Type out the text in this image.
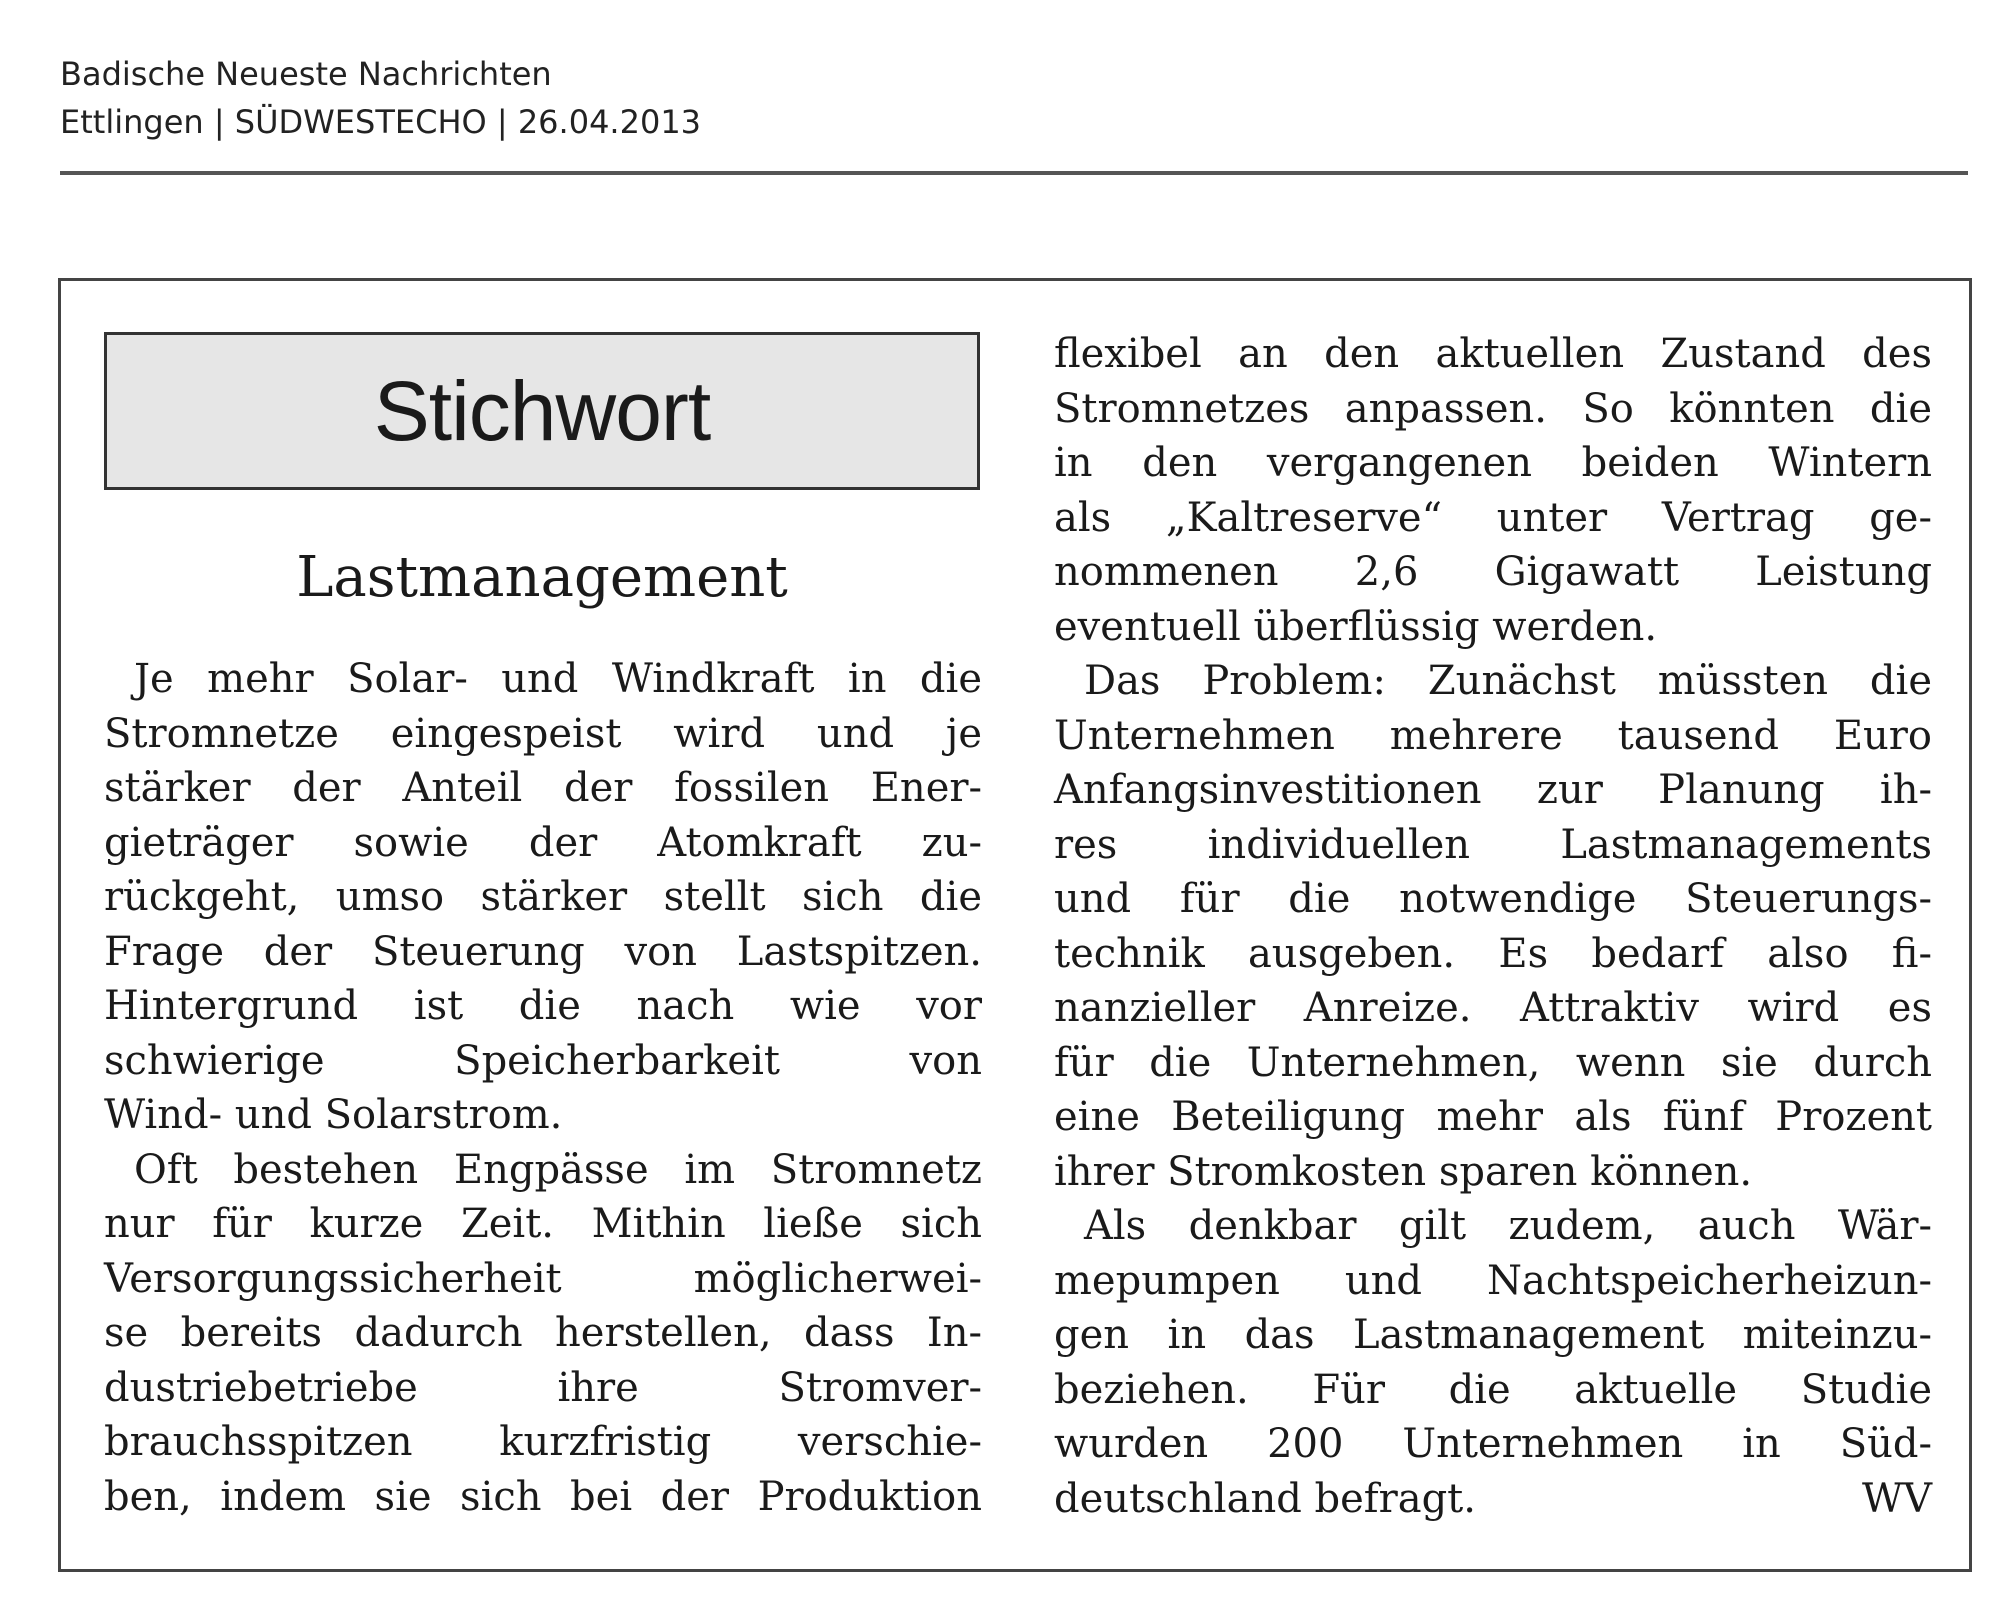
Badische Neueste Nachrichten
Ettlingen | SÜDWESTECHO | 26.04.2013
Stichwort
Lastmanagement
Je mehr Solar- und Windkraft in die
Stromnetze eingespeist wird und je
stärker der Anteil der fossilen Ener-
gieträger sowie der Atomkraft zu-
rückgeht, umso stärker stellt sich die
Frage der Steuerung von Lastspitzen.
Hintergrund ist die nach wie vor
schwierige Speicherbarkeit von
Wind- und Solarstrom.
Oft bestehen Engpässe im Stromnetz
nur für kurze Zeit. Mithin ließe sich
Versorgungssicherheit möglicherwei-
se bereits dadurch herstellen, dass In-
dustriebetriebe ihre Stromver-
brauchsspitzen kurzfristig verschie-
ben, indem sie sich bei der Produktion
flexibel an den aktuellen Zustand des
Stromnetzes anpassen. So könnten die
in den vergangenen beiden Wintern
als „Kaltreserve“ unter Vertrag ge-
nommenen 2,6 Gigawatt Leistung
eventuell überflüssig werden.
Das Problem: Zunächst müssten die
Unternehmen mehrere tausend Euro
Anfangsinvestitionen zur Planung ih-
res individuellen Lastmanagements
und für die notwendige Steuerungs-
technik ausgeben. Es bedarf also fi-
nanzieller Anreize. Attraktiv wird es
für die Unternehmen, wenn sie durch
eine Beteiligung mehr als fünf Prozent
ihrer Stromkosten sparen können.
Als denkbar gilt zudem, auch Wär-
mepumpen und Nachtspeicherheizun-
gen in das Lastmanagement miteinzu-
beziehen. Für die aktuelle Studie
wurden 200 Unternehmen in Süd-
deutschland befragt.	WV
